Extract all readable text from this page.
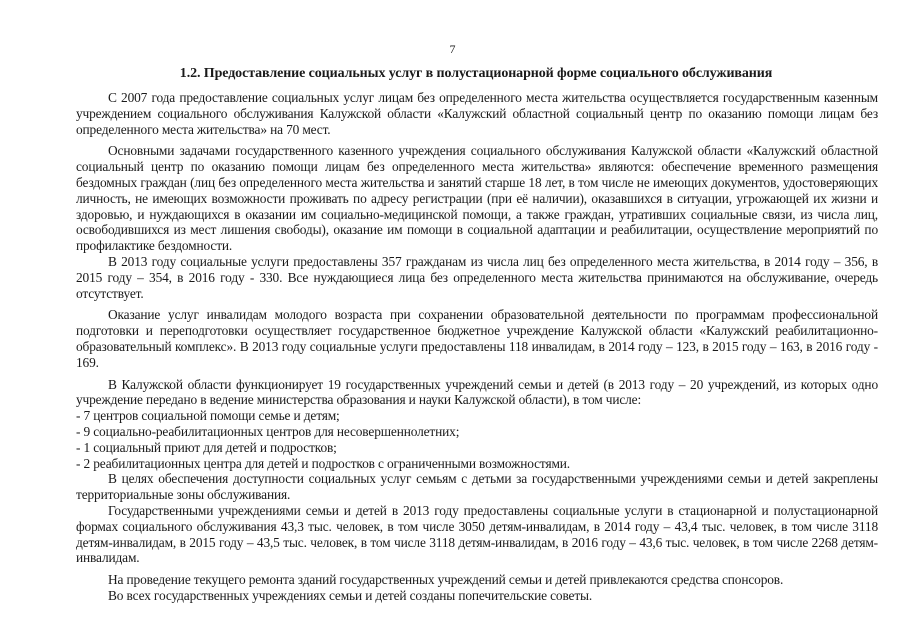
7
1.2. Предоставление социальных услуг в полустационарной форме социального обслуживания

С 2007 года предоставление социальных услуг лицам без определенного места жительства осуществляется государственным казенным учреждением социального обслуживания Калужской области «Калужский областной социальный центр по оказанию помощи лицам без определенного места жительства» на 70 мест.

Основными задачами государственного казенного учреждения социального обслуживания Калужской области «Калужский областной социальный центр по оказанию помощи лицам без определенного места жительства» являются: обеспечение временного размещения бездомных граждан (лиц без определенного места жительства и занятий старше 18 лет, в том числе не имеющих документов, удостоверяющих личность, не имеющих возможности проживать по адресу регистрации (при её наличии), оказавшихся в ситуации, угрожающей их жизни и здоровью, и нуждающихся в оказании им социально-медицинской помощи, а также граждан, утративших социальные связи, из числа лиц, освободившихся из мест лишения свободы), оказание им помощи в социальной адаптации и реабилитации, осуществление мероприятий по профилактике бездомности.

В 2013 году социальные услуги предоставлены 357 гражданам из числа лиц без определенного места жительства, в 2014 году – 356, в 2015 году – 354, в 2016 году - 330. Все нуждающиеся лица без определенного места жительства принимаются на обслуживание, очередь отсутствует.

Оказание услуг инвалидам молодого возраста при сохранении образовательной деятельности по программам профессиональной подготовки и переподготовки осуществляет государственное бюджетное учреждение Калужской области «Калужский реабилитационно-образовательный комплекс». В 2013 году социальные услуги предоставлены 118 инвалидам, в 2014 году – 123, в 2015 году – 163, в 2016 году - 169.

В Калужской области функционирует 19 государственных учреждений семьи и детей (в 2013 году – 20 учреждений, из которых одно учреждение передано в ведение министерства образования и науки Калужской области), в том числе:

- 7 центров социальной помощи семье и детям;

- 9 социально-реабилитационных центров для несовершеннолетних;

- 1 социальный приют для детей и подростков;

- 2 реабилитационных центра для детей и подростков с ограниченными возможностями.

В целях обеспечения доступности социальных услуг семьям с детьми за государственными учреждениями семьи и детей закреплены территориальные зоны обслуживания.

Государственными учреждениями семьи и детей в 2013 году предоставлены социальные услуги в стационарной и полустационарной формах социального обслуживания 43,3 тыс. человек, в том числе 3050 детям-инвалидам, в 2014 году – 43,4 тыс. человек, в том числе 3118 детям-инвалидам, в 2015 году – 43,5 тыс. человек, в том числе 3118 детям-инвалидам, в 2016 году – 43,6 тыс. человек, в том числе 2268 детям-инвалидам.

На проведение текущего ремонта зданий государственных учреждений семьи и детей привлекаются средства спонсоров.

Во всех государственных учреждениях семьи и детей созданы попечительские советы.
